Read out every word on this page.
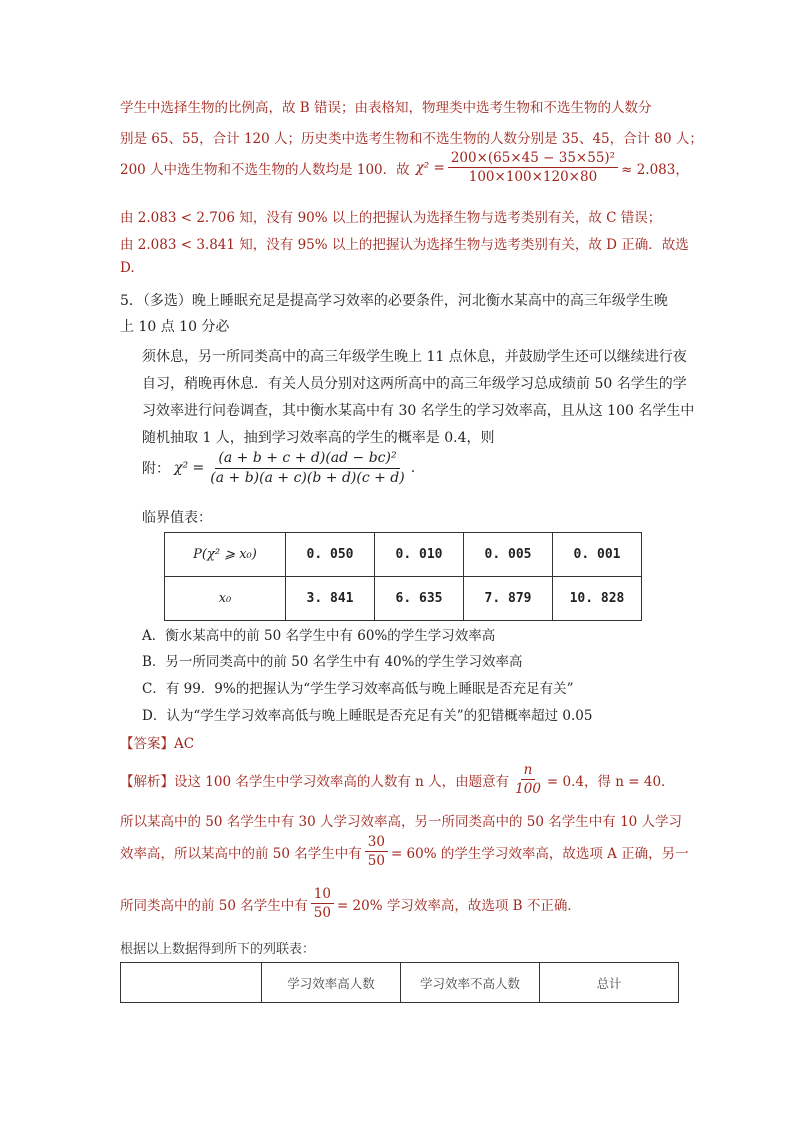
学生中选择生物的比例高，故 B 错误；由表格知，物理类中选考生物和不选生物的人数分
别是 65、55，合计 120 人；历史类中选考生物和不选生物的人数分别是 35、45，合计 80 人；
200 人中选生物和不选生物的人数均是 100．故 $\chi^2 = \frac{\text{200×(65×45 − 35×55)²}}{100\times 100\times 120\times 80} \approx 2.083$，
由 2.083 < 2.706 知，没有 90% 以上的把握认为选择生物与选考类别有关，故 C 错误；
由 2.083 < 3.841 知，没有 95% 以上的把握认为选择生物与选考类别有关，故 D 正确．故选
D.
5．（多选）晚上睡眠充足是提高学习效率的必要条件，河北衡水某高中的高三年级学生晚
上 10 点 10 分必
须休息，另一所同类高中的高三年级学生晚上 11 点休息，并鼓励学生还可以继续进行夜
自习，稍晚再休息．有关人员分别对这两所高中的高三年级学习总成绩前 50 名学生的学
习效率进行问卷调查，其中衡水某高中有 30 名学生的学习效率高，且从这 100 名学生中
随机抽取 1 人，抽到学习效率高的学生的概率是 0.4，则
附： $\chi^2 = \frac{\text{(a + b + c + d)(ad − bc)²}}{(a + b)(a + c)(b + d)(c + d)}$ .
临界值表：
P(χ² ⩾ x₀)	0. 050	0. 010	0. 005	0. 001
x₀	3. 841	6. 635	7. 879	10. 828
A．衡水某高中的前 50 名学生中有 60%的学生学习效率高
B．另一所同类高中的前 50 名学生中有 40%的学生学习效率高
C．有 99．9%的把握认为“学生学习效率高低与晚上睡眠是否充足有关”
D．认为“学生学习效率高低与晚上睡眠是否充足有关”的犯错概率超过 0.05
【答案】AC
【解析】设这 100 名学生中学习效率高的人数有 n 人，由题意有 $\frac{n}{100} = 0.4$，得 n = 40．
所以某高中的 50 名学生中有 30 人学习效率高，另一所同类高中的 50 名学生中有 10 人学习
效率高，所以某高中的前 50 名学生中有 $\frac{30}{50} = 60\%$ 的学生学习效率高，故选项 A 正确，另一
所同类高中的前 50 名学生中有 $\frac{10}{50} = 20\%$ 学习效率高，故选项 B 不正确．
根据以上数据得到所下的列联表：
	学习效率高人数	学习效率不高人数	总计
